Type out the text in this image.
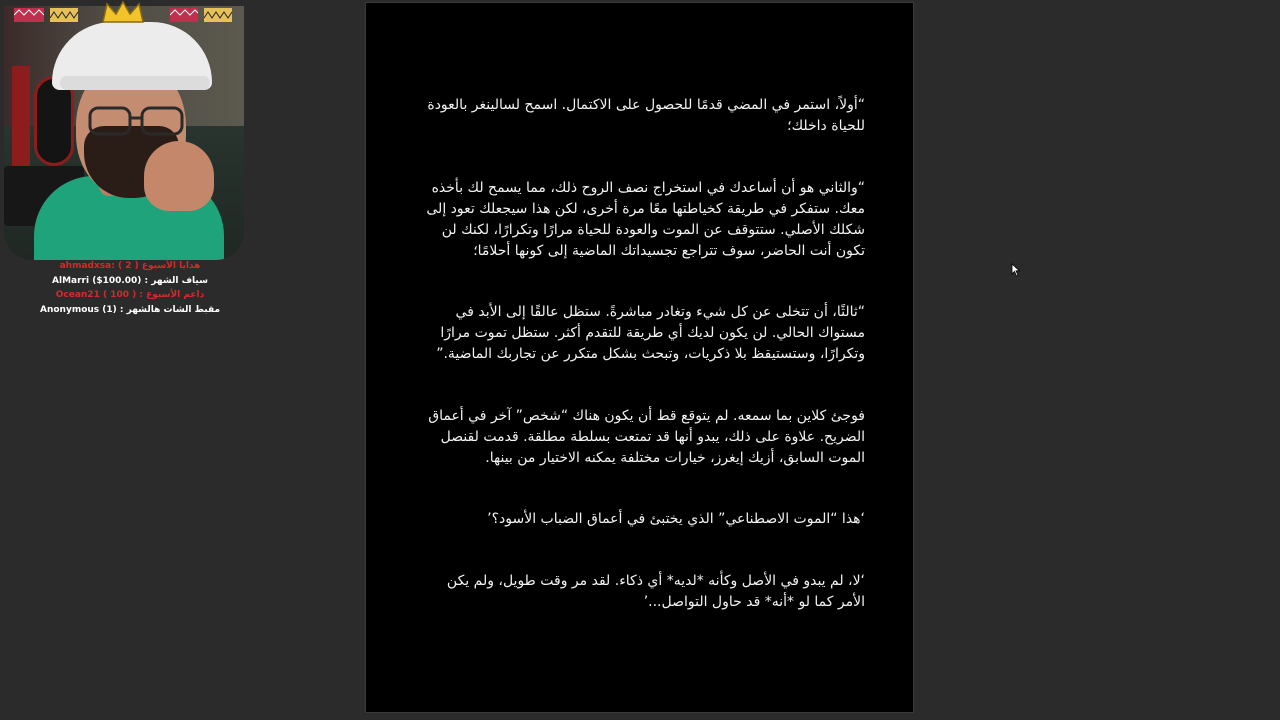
ahmadxsa: ( 2 ) هدايا الأسبوع
AlMarri ($100.00) : سياف الشهر
Ocean21 ( 100 ) : داعم الأسبوع
Anonymous (1) : مقبط الشات هالشهر

“أولاً، استمر في المضي قدمًا للحصول على الاكتمال. اسمح لسالينغر بالعودة للحياة داخلك؛

“والثاني هو أن أساعدك في استخراج نصف الروح ذلك، مما يسمح لك بأخذه معك. ستفكر في طريقة كخياطتها معًا مرة أخرى، لكن هذا سيجعلك تعود إلى شكلك الأصلي. ستتوقف عن الموت والعودة للحياة مرارًا وتكرارًا، لكنك لن تكون أنت الحاضر، سوف تتراجع تجسيداتك الماضية إلى كونها أحلامًا؛

“ثالثًا، أن تتخلى عن كل شيء وتغادر مباشرةً. ستظل عالقًا إلى الأبد في مستواك الحالي. لن يكون لديك أي طريقة للتقدم أكثر. ستظل تموت مرارًا وتكرارًا، وستستيقظ بلا ذكريات، وتبحث بشكل متكرر عن تجاربك الماضية.”

فوجئ كلاين بما سمعه. لم يتوقع قط أن يكون هناك “شخص” آخر في أعماق الضريح. علاوة على ذلك، يبدو أنها قد تمتعت بسلطة مطلقة. قدمت لقنصل الموت السابق، أزيك إيغرز، خيارات مختلفة يمكنه الاختيار من بينها.

‘هذا “الموت الاصطناعي” الذي يختبئ في أعماق الضباب الأسود؟’

‘لا، لم يبدو في الأصل وكأنه *لديه* أي ذكاء. لقد مر وقت طويل، ولم يكن الأمر كما لو *أنه* قد حاول التواصل...’
